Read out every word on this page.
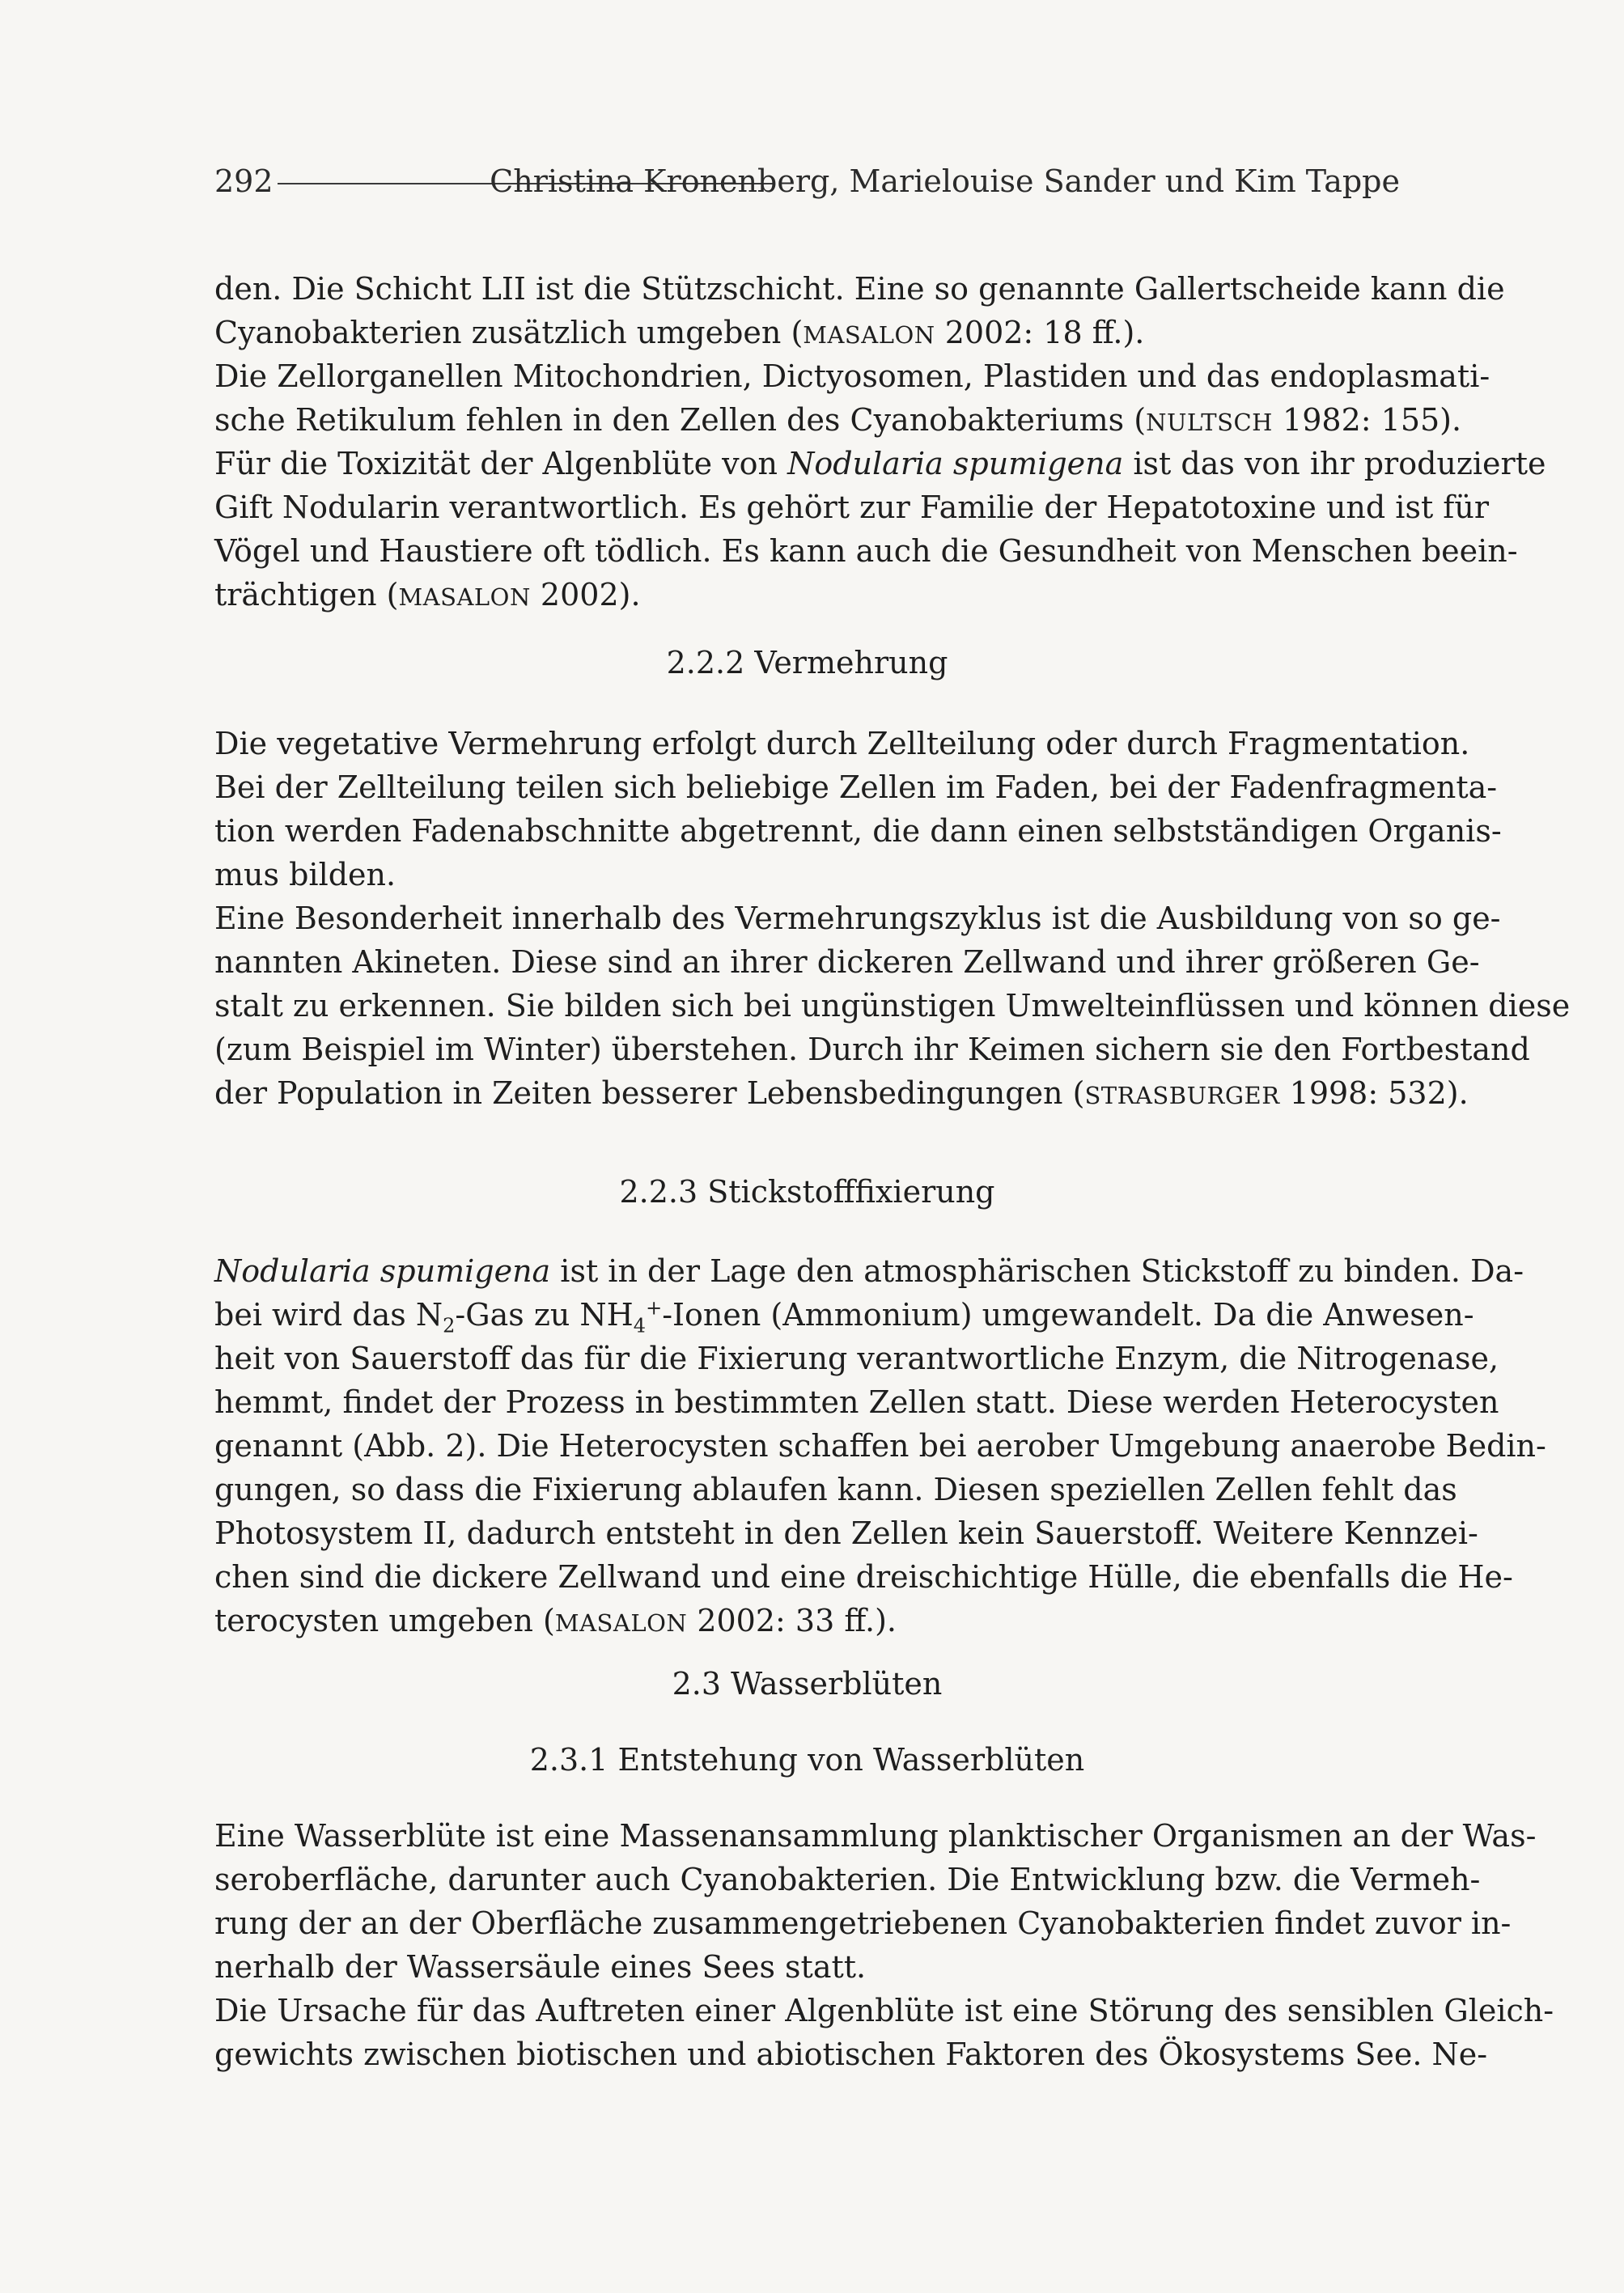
292	Christina Kronenberg, Marielouise Sander und Kim Tappe
den. Die Schicht LII ist die Stützschicht. Eine so genannte Gallertscheide kann die
Cyanobakterien zusätzlich umgeben (MASALON 2002: 18 ff.).
Die Zellorganellen Mitochondrien, Dictyosomen, Plastiden und das endoplasmati-
sche Retikulum fehlen in den Zellen des Cyanobakteriums (NULTSCH 1982: 155).
Für die Toxizität der Algenblüte von Nodularia spumigena ist das von ihr produzierte
Gift Nodularin verantwortlich. Es gehört zur Familie der Hepatotoxine und ist für
Vögel und Haustiere oft tödlich. Es kann auch die Gesundheit von Menschen beein-
trächtigen (MASALON 2002).
2.2.2 Vermehrung
Die vegetative Vermehrung erfolgt durch Zellteilung oder durch Fragmentation.
Bei der Zellteilung teilen sich beliebige Zellen im Faden, bei der Fadenfragmenta-
tion werden Fadenabschnitte abgetrennt, die dann einen selbstständigen Organis-
mus bilden.
Eine Besonderheit innerhalb des Vermehrungszyklus ist die Ausbildung von so ge-
nannten Akineten. Diese sind an ihrer dickeren Zellwand und ihrer größeren Ge-
stalt zu erkennen. Sie bilden sich bei ungünstigen Umwelteinflüssen und können diese
(zum Beispiel im Winter) überstehen. Durch ihr Keimen sichern sie den Fortbestand
der Population in Zeiten besserer Lebensbedingungen (STRASBURGER 1998: 532).
2.2.3 Stickstofffixierung
Nodularia spumigena ist in der Lage den atmosphärischen Stickstoff zu binden. Da-
bei wird das $N_2$-Gas zu $NH_4^+$-Ionen (Ammonium) umgewandelt. Da die Anwesen-
heit von Sauerstoff das für die Fixierung verantwortliche Enzym, die Nitrogenase,
hemmt, findet der Prozess in bestimmten Zellen statt. Diese werden Heterocysten
genannt (Abb. 2). Die Heterocysten schaffen bei aerober Umgebung anaerobe Bedin-
gungen, so dass die Fixierung ablaufen kann. Diesen speziellen Zellen fehlt das
Photosystem II, dadurch entsteht in den Zellen kein Sauerstoff. Weitere Kennzei-
chen sind die dickere Zellwand und eine dreischichtige Hülle, die ebenfalls die He-
terocysten umgeben (MASALON 2002: 33 ff.).
2.3 Wasserblüten
2.3.1 Entstehung von Wasserblüten
Eine Wasserblüte ist eine Massenansammlung planktischer Organismen an der Was-
seroberfläche, darunter auch Cyanobakterien. Die Entwicklung bzw. die Vermeh-
rung der an der Oberfläche zusammengetriebenen Cyanobakterien findet zuvor in-
nerhalb der Wassersäule eines Sees statt.
Die Ursache für das Auftreten einer Algenblüte ist eine Störung des sensiblen Gleich-
gewichts zwischen biotischen und abiotischen Faktoren des Ökosystems See. Ne-
